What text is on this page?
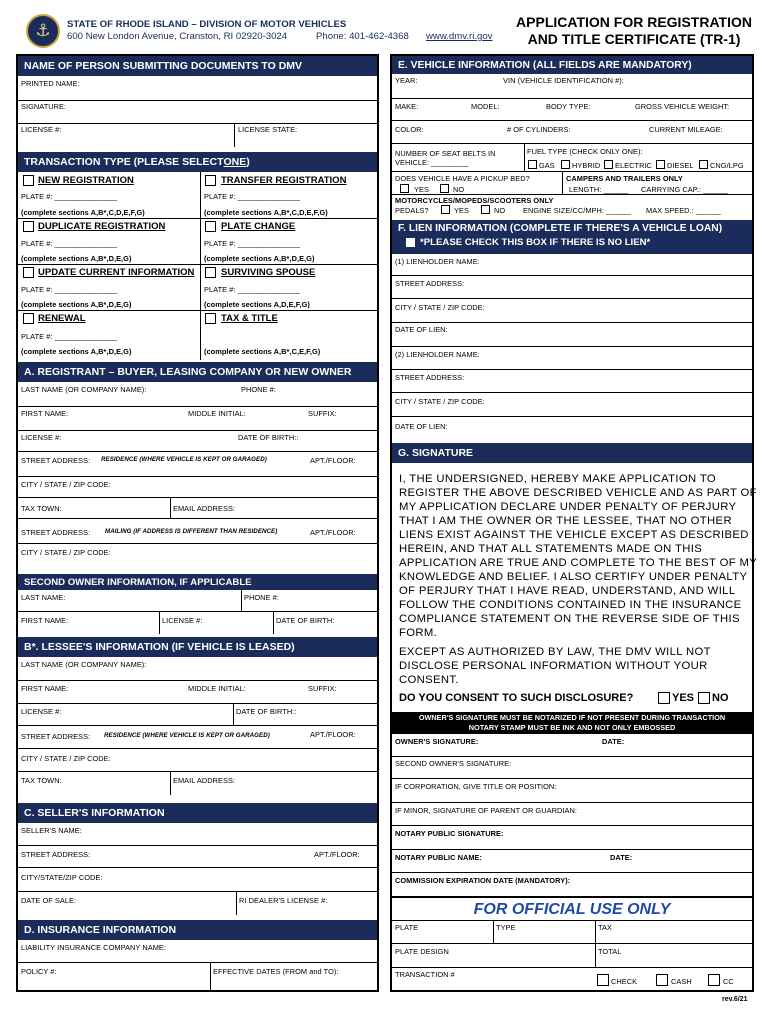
⚓ STATE OF RHODE ISLAND – DIVISION OF MOTOR VEHICLES
600 New London Avenue, Cranston, RI 02920-3024	Phone: 401-462-4368 www.dmv.ri.gov
APPLICATION FOR REGISTRATION
AND TITLE CERTIFICATE (TR-1)
NAME OF PERSON SUBMITTING DOCUMENTS TO DMV
PRINTED NAME:
SIGNATURE:
LICENSE #:	LICENSE STATE:
TRANSACTION TYPE (PLEASE SELECT ONE )
NEW REGISTRATION
PLATE #: _______________
(complete sections A,B*,C,D,E,F,G)
TRANSFER REGISTRATION
PLATE #: _______________
(complete sections A,B*,C,D,E,F,G)
DUPLICATE REGISTRATION
PLATE #: _______________
(complete sections A,B*,D,E,G)
PLATE CHANGE
PLATE #: _______________
(complete sections A,B*,D,E,G)
UPDATE CURRENT INFORMATION
PLATE #: _______________
(complete sections A,B*,D,E,G)
SURVIVING SPOUSE
PLATE #: _______________
(complete sections A,D,E,F,G)
RENEWAL
PLATE #: _______________
(complete sections A,B*,D,E,G)
TAX & TITLE
(complete sections A,B*,C,E,F,G)
A. REGISTRANT – BUYER, LEASING COMPANY OR NEW OWNER
LAST NAME (OR COMPANY NAME):	PHONE #:
FIRST NAME:	MIDDLE INITIAL:	SUFFIX:
LICENSE #:	DATE OF BIRTH::
STREET ADDRESS: RESIDENCE (WHERE VEHICLE IS KEPT OR GARAGED)	APT./FLOOR:
CITY / STATE / ZIP CODE:
TAX TOWN:	EMAIL ADDRESS:
STREET ADDRESS: MAILING (IF ADDRESS IS DIFFERENT THAN RESIDENCE)	APT./FLOOR:
CITY / STATE / ZIP CODE:
SECOND OWNER INFORMATION, IF APPLICABLE
LAST NAME:	PHONE #:
FIRST NAME:	LICENSE #:	DATE OF BIRTH:
B*. LESSEE'S INFORMATION (IF VEHICLE IS LEASED)
LAST NAME (OR COMPANY NAME):
FIRST NAME:	MIDDLE INITIAL:	SUFFIX:
LICENSE #:	DATE OF BIRTH::
STREET ADDRESS: RESIDENCE (WHERE VEHICLE IS KEPT OR GARAGED)	APT./FLOOR:
CITY / STATE / ZIP CODE:
TAX TOWN:	EMAIL ADDRESS:
C. SELLER'S INFORMATION
SELLER'S NAME:
STREET ADDRESS:	APT./FLOOR:
CITY/STATE/ZIP CODE:
DATE OF SALE:	RI DEALER'S LICENSE #:
D. INSURANCE INFORMATION
LIABILITY INSURANCE COMPANY NAME:
POLICY #:	EFFECTIVE DATES (FROM and TO):
E. VEHICLE INFORMATION (ALL FIELDS ARE MANDATORY)
YEAR:	VIN (VEHICLE IDENTIFICATION #):
MAKE:	MODEL:	BODY TYPE:	GROSS VEHICLE WEIGHT:
COLOR:	# OF CYLINDERS:	CURRENT MILEAGE:
NUMBER OF SEAT BELTS IN
VEHICLE: _________
FUEL TYPE (CHECK ONLY ONE):
GAS HYBRID ELECTRIC DIESEL CNG/LPG
DOES VEHICLE HAVE A PICKUP BED?
YES	NO
CAMPERS AND TRAILERS ONLY
LENGTH: ______ CARRYING CAP.: ______
MOTORCYCLES/MOPEDS/SCOOTERS ONLY
PEDALS?	YES	NO ENGINE SIZE/CC/MPH: ______ MAX SPEED.: ______
F. LIEN INFORMATION (COMPLETE IF THERE'S A VEHICLE LOAN)
*PLEASE CHECK THIS BOX IF THERE IS NO LIEN*
(1) LIENHOLDER NAME:
STREET ADDRESS:
CITY / STATE / ZIP CODE:
DATE OF LIEN:
(2) LIENHOLDER NAME:
STREET ADDRESS:
CITY / STATE / ZIP CODE:
DATE OF LIEN:
G. SIGNATURE
I, THE UNDERSIGNED, HEREBY MAKE APPLICATION TO
REGISTER THE ABOVE DESCRIBED VEHICLE AND AS PART OF
MY APPLICATION DECLARE UNDER PENALTY OF PERJURY
THAT I AM THE OWNER OR THE LESSEE, THAT NO OTHER
LIENS EXIST AGAINST THE VEHICLE EXCEPT AS DESCRIBED
HEREIN, AND THAT ALL STATEMENTS MADE ON THIS
APPLICATION ARE TRUE AND COMPLETE TO THE BEST OF MY
KNOWLEDGE AND BELIEF. I ALSO CERTIFY UNDER PENALTY
OF PERJURY THAT I HAVE READ, UNDERSTAND, AND WILL
FOLLOW THE CONDITIONS CONTAINED IN THE INSURANCE
COMPLIANCE STATEMENT ON THE REVERSE SIDE OF THIS
FORM.
EXCEPT AS AUTHORIZED BY LAW, THE DMV WILL NOT
DISCLOSE PERSONAL INFORMATION WITHOUT YOUR
CONSENT.
DO YOU CONSENT TO SUCH DISCLOSURE?	YES NO
OWNER'S SIGNATURE MUST BE NOTARIZED IF NOT PRESENT DURING TRANSACTION
NOTARY STAMP MUST BE INK AND NOT ONLY EMBOSSED
OWNER'S SIGNATURE:	DATE:
SECOND OWNER'S SIGNATURE:
IF CORPORATION, GIVE TITLE OR POSITION:
IF MINOR, SIGNATURE OF PARENT OR GUARDIAN:
NOTARY PUBLIC SIGNATURE:
NOTARY PUBLIC NAME:	DATE:
COMMISSION EXPIRATION DATE (MANDATORY):
FOR OFFICIAL USE ONLY
PLATE	TYPE	TAX
PLATE DESIGN	TOTAL
TRANSACTION #
CHECK	CASH	CC
rev.6/21
